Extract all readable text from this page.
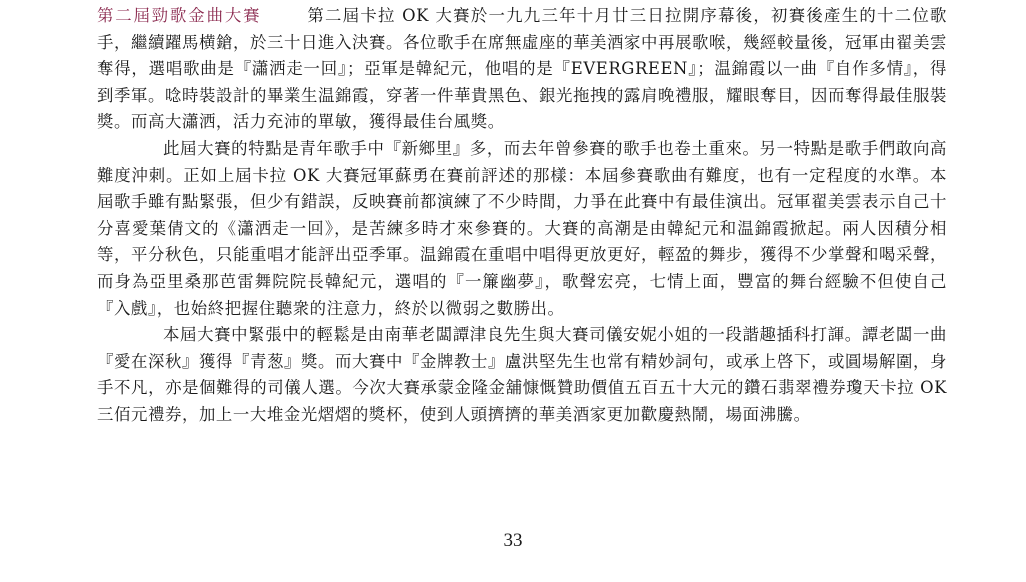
第二屆勁歌金曲大賽	第二屆卡拉 OK 大賽於一九九三年十月廿三日拉開序幕後，初賽後產生的十二位歌手，繼續躍馬横鎗，於三十日進入決賽。各位歌手在席無虛座的華美酒家中再展歌喉，幾經較量後，冠軍由翟美雲奪得，選唱歌曲是『瀟洒走一回』；亞軍是韓紀元，他唱的是『EVERGREEN』；温錦霞以一曲『自作多情』，得到季軍。唸時裝設計的畢業生温錦霞，穿著一件華貴黑色、銀光拖拽的露肩晚禮服，耀眼奪目，因而奪得最佳服裝獎。而高大瀟洒，活力充沛的單敏，獲得最佳台風獎。

此屆大賽的特點是青年歌手中『新鄉里』多，而去年曾參賽的歌手也卷土重來。另一特點是歌手們敢向高難度沖刺。正如上屆卡拉 OK 大賽冠軍蘇勇在賽前評述的那樣：本屆參賽歌曲有難度，也有一定程度的水準。本屆歌手雖有點緊張，但少有錯誤，反映賽前都演練了不少時間，力爭在此賽中有最佳演出。冠軍翟美雲表示自己十分喜愛葉倩文的《瀟洒走一回》，是苦練多時才來參賽的。大賽的高潮是由韓紀元和温錦霞掀起。兩人因積分相等，平分秋色，只能重唱才能評出亞季軍。温錦霞在重唱中唱得更放更好，輕盈的舞步，獲得不少掌聲和喝采聲，而身為亞里桑那芭雷舞院院長韓紀元，選唱的『一簾幽夢』，歌聲宏亮，七情上面，豐富的舞台經驗不但使自己『入戲』，也始終把握住聽衆的注意力，終於以微弱之數勝出。

本屆大賽中緊張中的輕鬆是由南華老闆譚津良先生與大賽司儀安妮小姐的一段諧趣插科打諢。譚老闆一曲『愛在深秋』獲得『青葱』獎。而大賽中『金牌教士』盧洪堅先生也常有精妙詞句，或承上啓下，或圓場解圍，身手不凡，亦是個難得的司儀人選。今次大賽承蒙金隆金舖慷慨贊助價值五百五十大元的鑽石翡翠禮券瓊天卡拉 OK 三佰元禮券，加上一大堆金光熠熠的獎杯，使到人頭擠擠的華美酒家更加歡慶熱鬧，場面沸騰。

33
